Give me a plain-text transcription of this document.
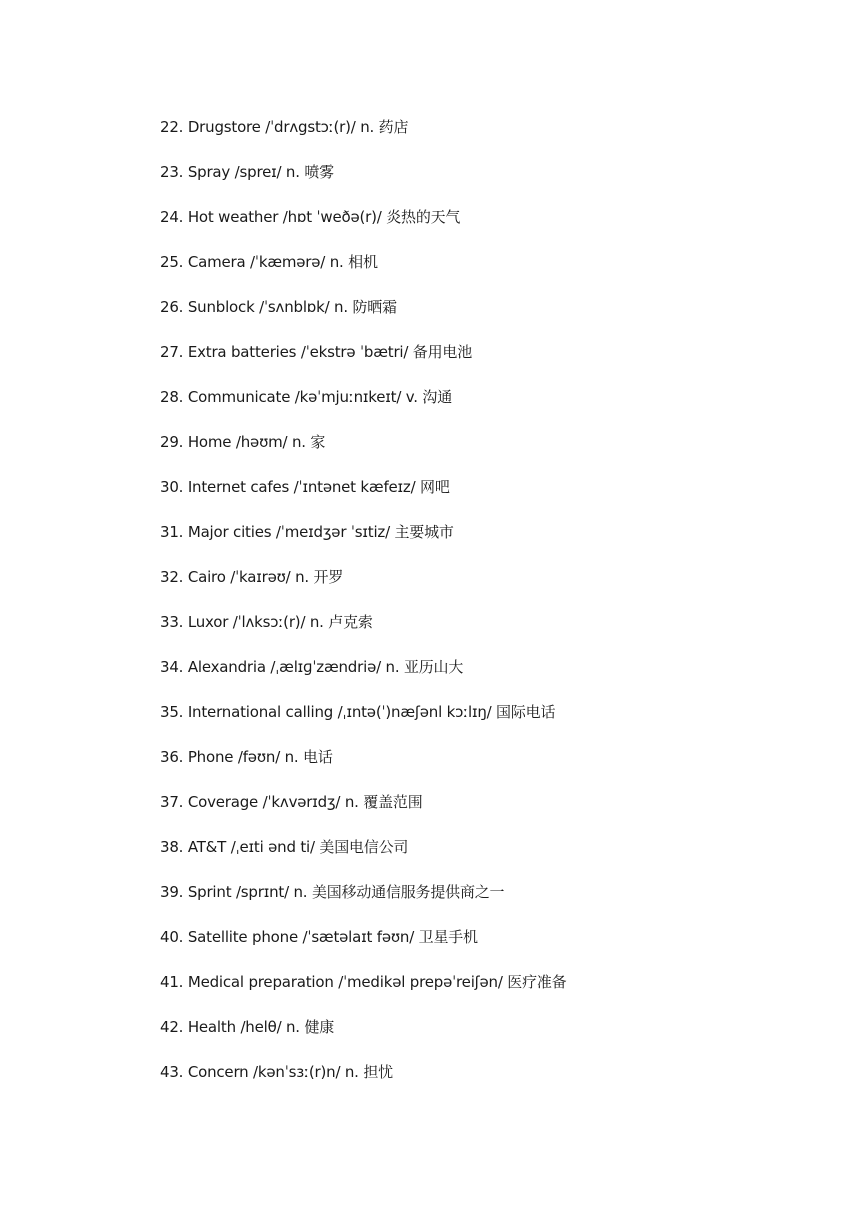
22. Drugstore /ˈdrʌgstɔː(r)/ n. 药店
23. Spray /spreɪ/ n. 喷雾
24. Hot weather /hɒt ˈweðə(r)/ 炎热的天气
25. Camera /ˈkæmərə/ n. 相机
26. Sunblock /ˈsʌnblɒk/ n. 防晒霜
27. Extra batteries /ˈekstrə ˈbætri/ 备用电池
28. Communicate /kəˈmjuːnɪkeɪt/ v. 沟通
29. Home /həʊm/ n. 家
30. Internet cafes /ˈɪntənet kæfeɪz/ 网吧
31. Major cities /ˈmeɪdʒər ˈsɪtiz/ 主要城市
32. Cairo /ˈkaɪrəʊ/ n. 开罗
33. Luxor /ˈlʌksɔː(r)/ n. 卢克索
34. Alexandria /ˌælɪɡˈzændriə/ n. 亚历山大
35. International calling /ˌɪntə(ˈ)næʃənl kɔːlɪŋ/ 国际电话
36. Phone /fəʊn/ n. 电话
37. Coverage /ˈkʌvərɪdʒ/ n. 覆盖范围
38. AT&T /ˌeɪti ənd ti/ 美国电信公司
39. Sprint /sprɪnt/ n. 美国移动通信服务提供商之一
40. Satellite phone /ˈsætəlaɪt fəʊn/ 卫星手机
41. Medical preparation /ˈmedikəl prepəˈreiʃən/ 医疗准备
42. Health /helθ/ n. 健康
43. Concern /kənˈsɜː(r)n/ n. 担忧
